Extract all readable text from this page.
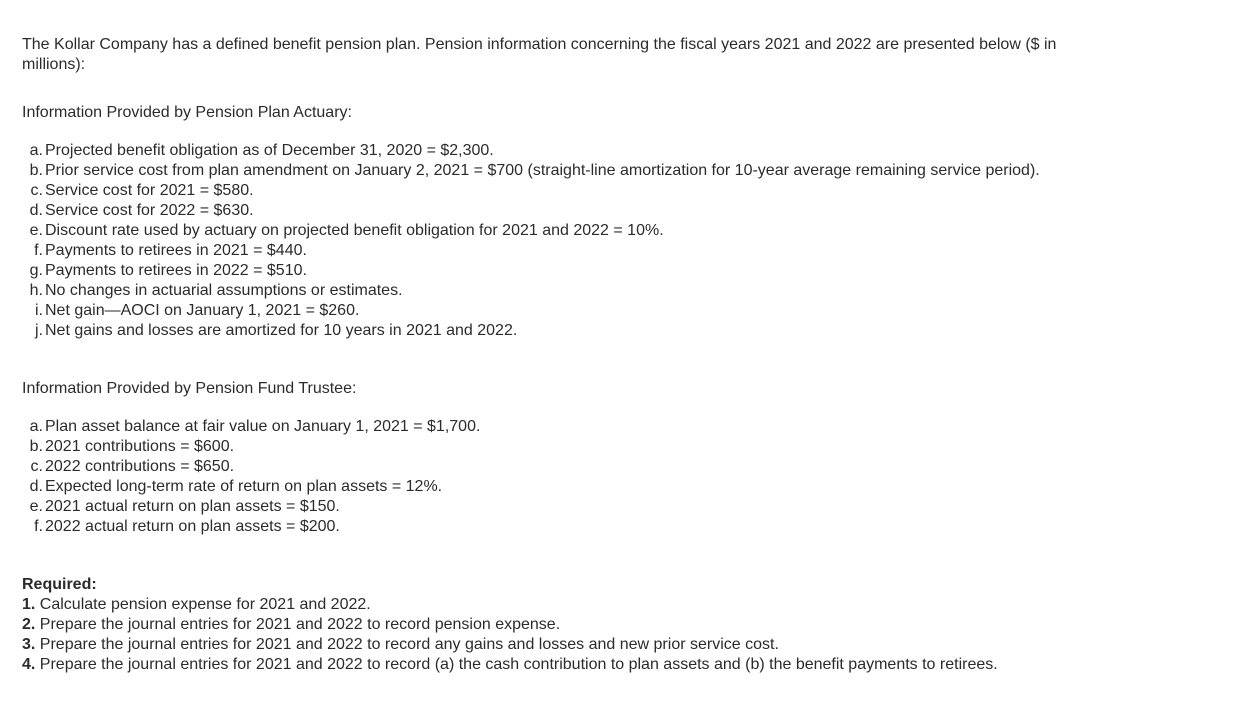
The Kollar Company has a defined benefit pension plan. Pension information concerning the fiscal years 2021 and 2022 are presented below ($ in millions):

Information Provided by Pension Plan Actuary:

a. Projected benefit obligation as of December 31, 2020 = $2,300.
b. Prior service cost from plan amendment on January 2, 2021 = $700 (straight-line amortization for 10-year average remaining service period).
c. Service cost for 2021 = $580.
d. Service cost for 2022 = $630.
e. Discount rate used by actuary on projected benefit obligation for 2021 and 2022 = 10%.
f. Payments to retirees in 2021 = $440.
g. Payments to retirees in 2022 = $510.
h. No changes in actuarial assumptions or estimates.
i. Net gain—AOCI on January 1, 2021 = $260.
j. Net gains and losses are amortized for 10 years in 2021 and 2022.

Information Provided by Pension Fund Trustee:

a. Plan asset balance at fair value on January 1, 2021 = $1,700.
b. 2021 contributions = $600.
c. 2022 contributions = $650.
d. Expected long-term rate of return on plan assets = 12%.
e. 2021 actual return on plan assets = $150.
f. 2022 actual return on plan assets = $200.

Required:

1. Calculate pension expense for 2021 and 2022.
2. Prepare the journal entries for 2021 and 2022 to record pension expense.
3. Prepare the journal entries for 2021 and 2022 to record any gains and losses and new prior service cost.
4. Prepare the journal entries for 2021 and 2022 to record (a) the cash contribution to plan assets and (b) the benefit payments to retirees.
